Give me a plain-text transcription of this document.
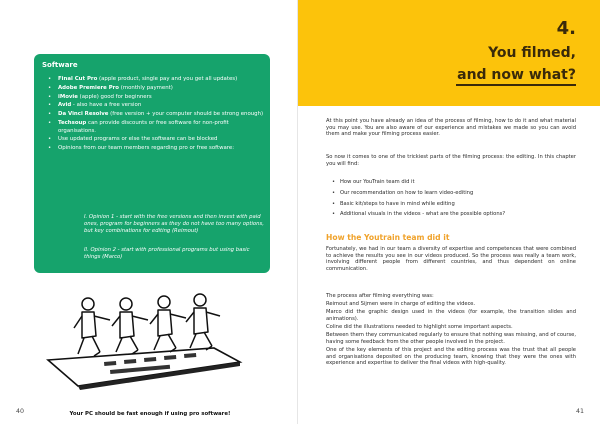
Software
• Final Cut Pro (apple product, single pay and you get all updates)
• Adobe Premiere Pro (monthly payment)
• iMovie (apple) good for beginners
• Avid - also have a free version
• Da Vinci Resolve (free version + your computer should be strong enough)
• Techsoup can provide discounts or free software for non-profit organisations.
• Use updated programs or else the software can be blocked
• Opinions from our team members regarding pro or free software:
I. Opinion 1 - start with the free versions and then invest with paid ones, program for beginners as they do not have too many options, but key combinations for editing (Reimout)
II. Opinion 2 - start with professional programs but using basic things (Marco)
Your PC should be fast enough if using pro software!
40
4.
You filmed,
and now what?

At this point you have already an idea of the process of filming, how to do it and what material you may use. You are also aware of our experience and mistakes we made so you can avoid them and make your filming process easier.

So now it comes to one of the trickiest parts of the filming process: the editing. In this chapter you will find:

• How our YouTrain team did it
• Our recommendation on how to learn video-editing
• Basic kit/steps to have in mind while editing
• Additional visuals in the videos - what are the possible options?
How the Youtrain team did it

Fortunately, we had in our team a diversity of expertise and competences that were combined to achieve the results you see in our videos produced. So the process was really a team work, involving different people from different countries, and thus dependent on online communication.

The process after filming everything was:
Reimout and Sijmen were in charge of editing the videos.
Marco did the graphic design used in the videos (for example, the transition slides and animations).
Coline did the illustrations needed to highlight some important aspects.
Between them they communicated regularly to ensure that nothing was missing, and of course, having some feedback from the other people involved in the project.
One of the key elements of this project and the editing process was the trust that all people and organisations deposited on the producing team, knowing that they were the ones with experience and expertise to deliver the final videos with high-quality.
41
